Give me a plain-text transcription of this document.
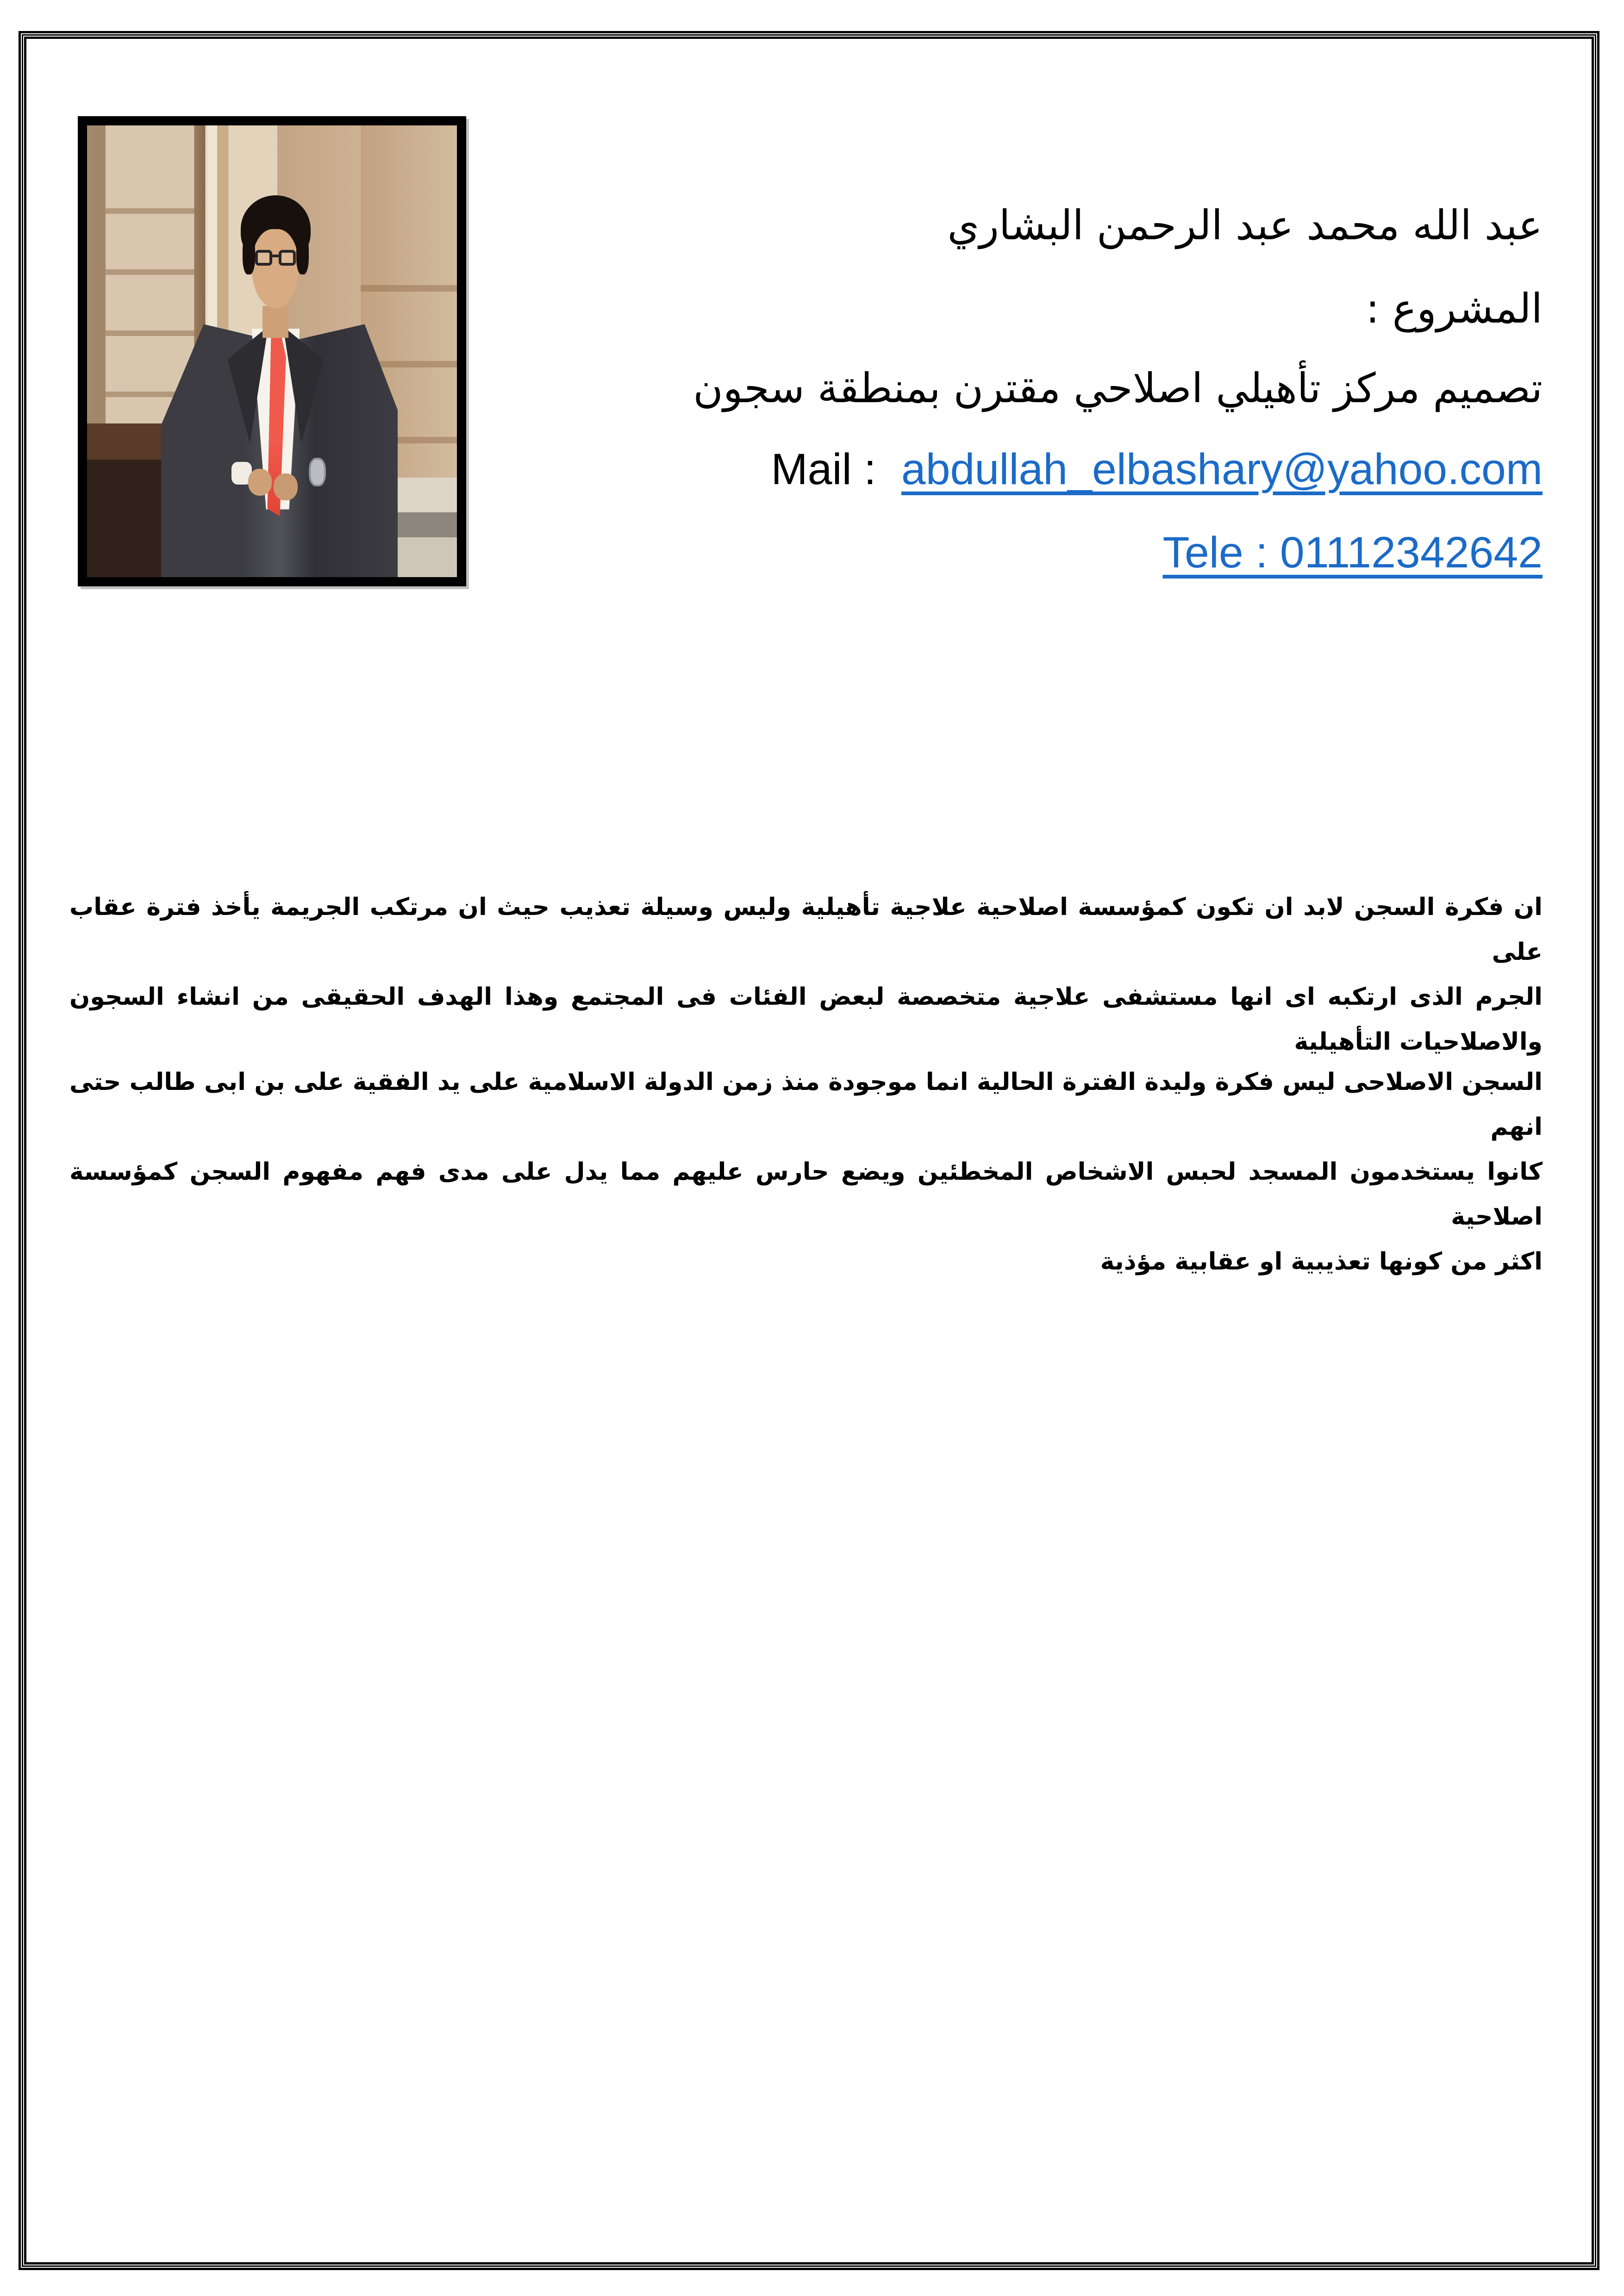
عبد الله محمد عبد الرحمن البشاري
المشروع :
تصميم مركز تأهيلي اصلاحي مقترن بمنطقة سجون
Mail : abdullah_elbashary@yahoo.com
Tele : 01112342642
ان فكرة السجن لابد ان تكون كمؤسسة اصلاحية علاجية تأهيلية وليس وسيلة تعذيب حيث ان مرتكب الجريمة يأخذ فترة عقاب على
الجرم الذى ارتكبه اى انها مستشفى علاجية متخصصة لبعض الفئات فى المجتمع وهذا الهدف الحقيقى من انشاء السجون
والاصلاحيات التأهيلية
السجن الاصلاحى ليس فكرة وليدة الفترة الحالية انما موجودة منذ زمن الدولة الاسلامية على يد الفقية على بن ابى طالب حتى انهم
كانوا يستخدمون المسجد لحبس الاشخاص المخطئين ويضع حارس عليهم مما يدل على مدى فهم مفهوم السجن كمؤسسة اصلاحية
اكثر من كونها تعذيبية او عقابية مؤذية
